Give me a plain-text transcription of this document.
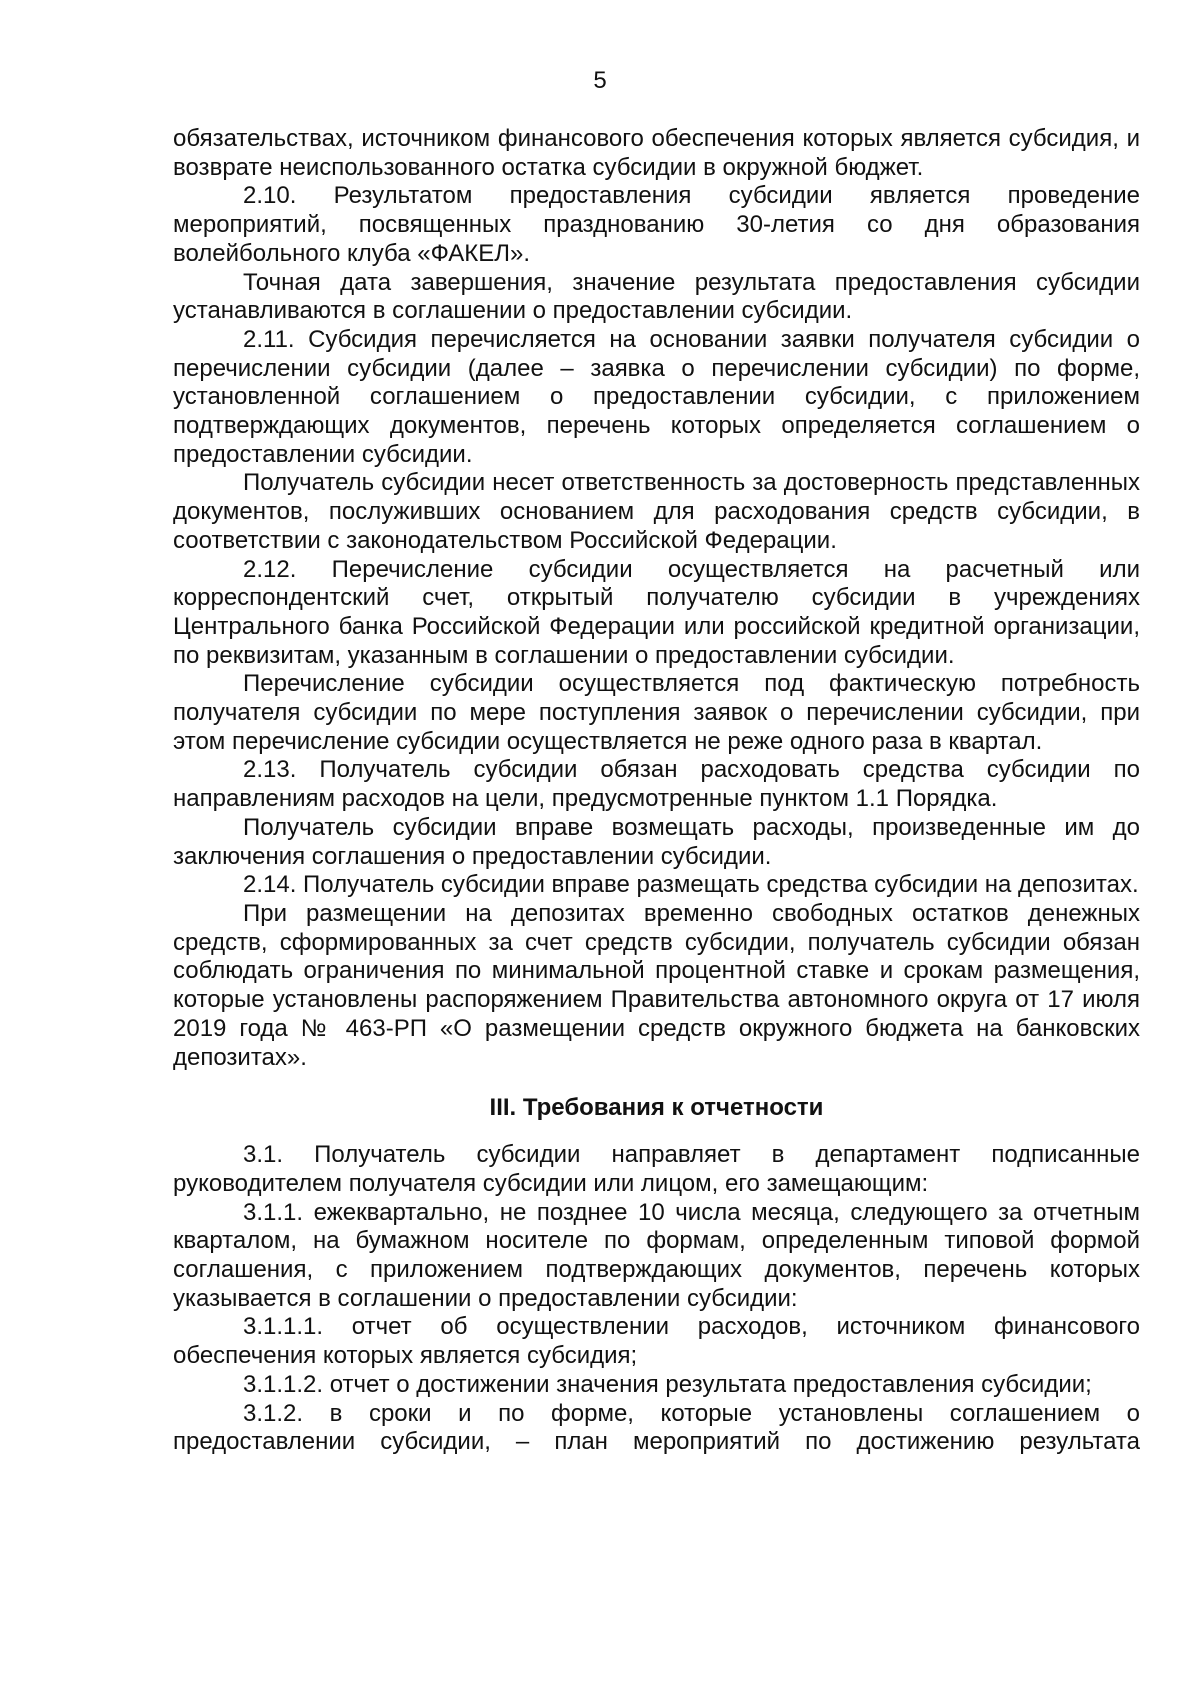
5

обязательствах, источником финансового обеспечения которых является субсидия, и возврате неиспользованного остатка субсидии в окружной бюджет.

2.10. Результатом предоставления субсидии является проведение мероприятий, посвященных празднованию 30-летия со дня образования волейбольного клуба «ФАКЕЛ».

Точная дата завершения, значение результата предоставления субсидии устанавливаются в соглашении о предоставлении субсидии.

2.11. Субсидия перечисляется на основании заявки получателя субсидии о перечислении субсидии (далее – заявка о перечислении субсидии) по форме, установленной соглашением о предоставлении субсидии, с приложением подтверждающих документов, перечень которых определяется соглашением о предоставлении субсидии.

Получатель субсидии несет ответственность за достоверность представленных документов, послуживших основанием для расходования средств субсидии, в соответствии с законодательством Российской Федерации.

2.12. Перечисление субсидии осуществляется на расчетный или корреспондентский счет, открытый получателю субсидии в учреждениях Центрального банка Российской Федерации или российской кредитной организации, по реквизитам, указанным в соглашении о предоставлении субсидии.

Перечисление субсидии осуществляется под фактическую потребность получателя субсидии по мере поступления заявок о перечислении субсидии, при этом перечисление субсидии осуществляется не реже одного раза в квартал.

2.13. Получатель субсидии обязан расходовать средства субсидии по направлениям расходов на цели, предусмотренные пунктом 1.1 Порядка.

Получатель субсидии вправе возмещать расходы, произведенные им до заключения соглашения о предоставлении субсидии.

2.14. Получатель субсидии вправе размещать средства субсидии на депозитах.

При размещении на депозитах временно свободных остатков денежных средств, сформированных за счет средств субсидии, получатель субсидии обязан соблюдать ограничения по минимальной процентной ставке и срокам размещения, которые установлены распоряжением Правительства автономного округа от 17 июля 2019 года № 463-РП «О размещении средств окружного бюджета на банковских депозитах».

III. Требования к отчетности

3.1. Получатель субсидии направляет в департамент подписанные руководителем получателя субсидии или лицом, его замещающим:

3.1.1. ежеквартально, не позднее 10 числа месяца, следующего за отчетным кварталом, на бумажном носителе по формам, определенным типовой формой соглашения, с приложением подтверждающих документов, перечень которых указывается в соглашении о предоставлении субсидии:

3.1.1.1. отчет об осуществлении расходов, источником финансового обеспечения которых является субсидия;

3.1.1.2. отчет о достижении значения результата предоставления субсидии;

3.1.2. в сроки и по форме, которые установлены соглашением о предоставлении субсидии, – план мероприятий по достижению результата
